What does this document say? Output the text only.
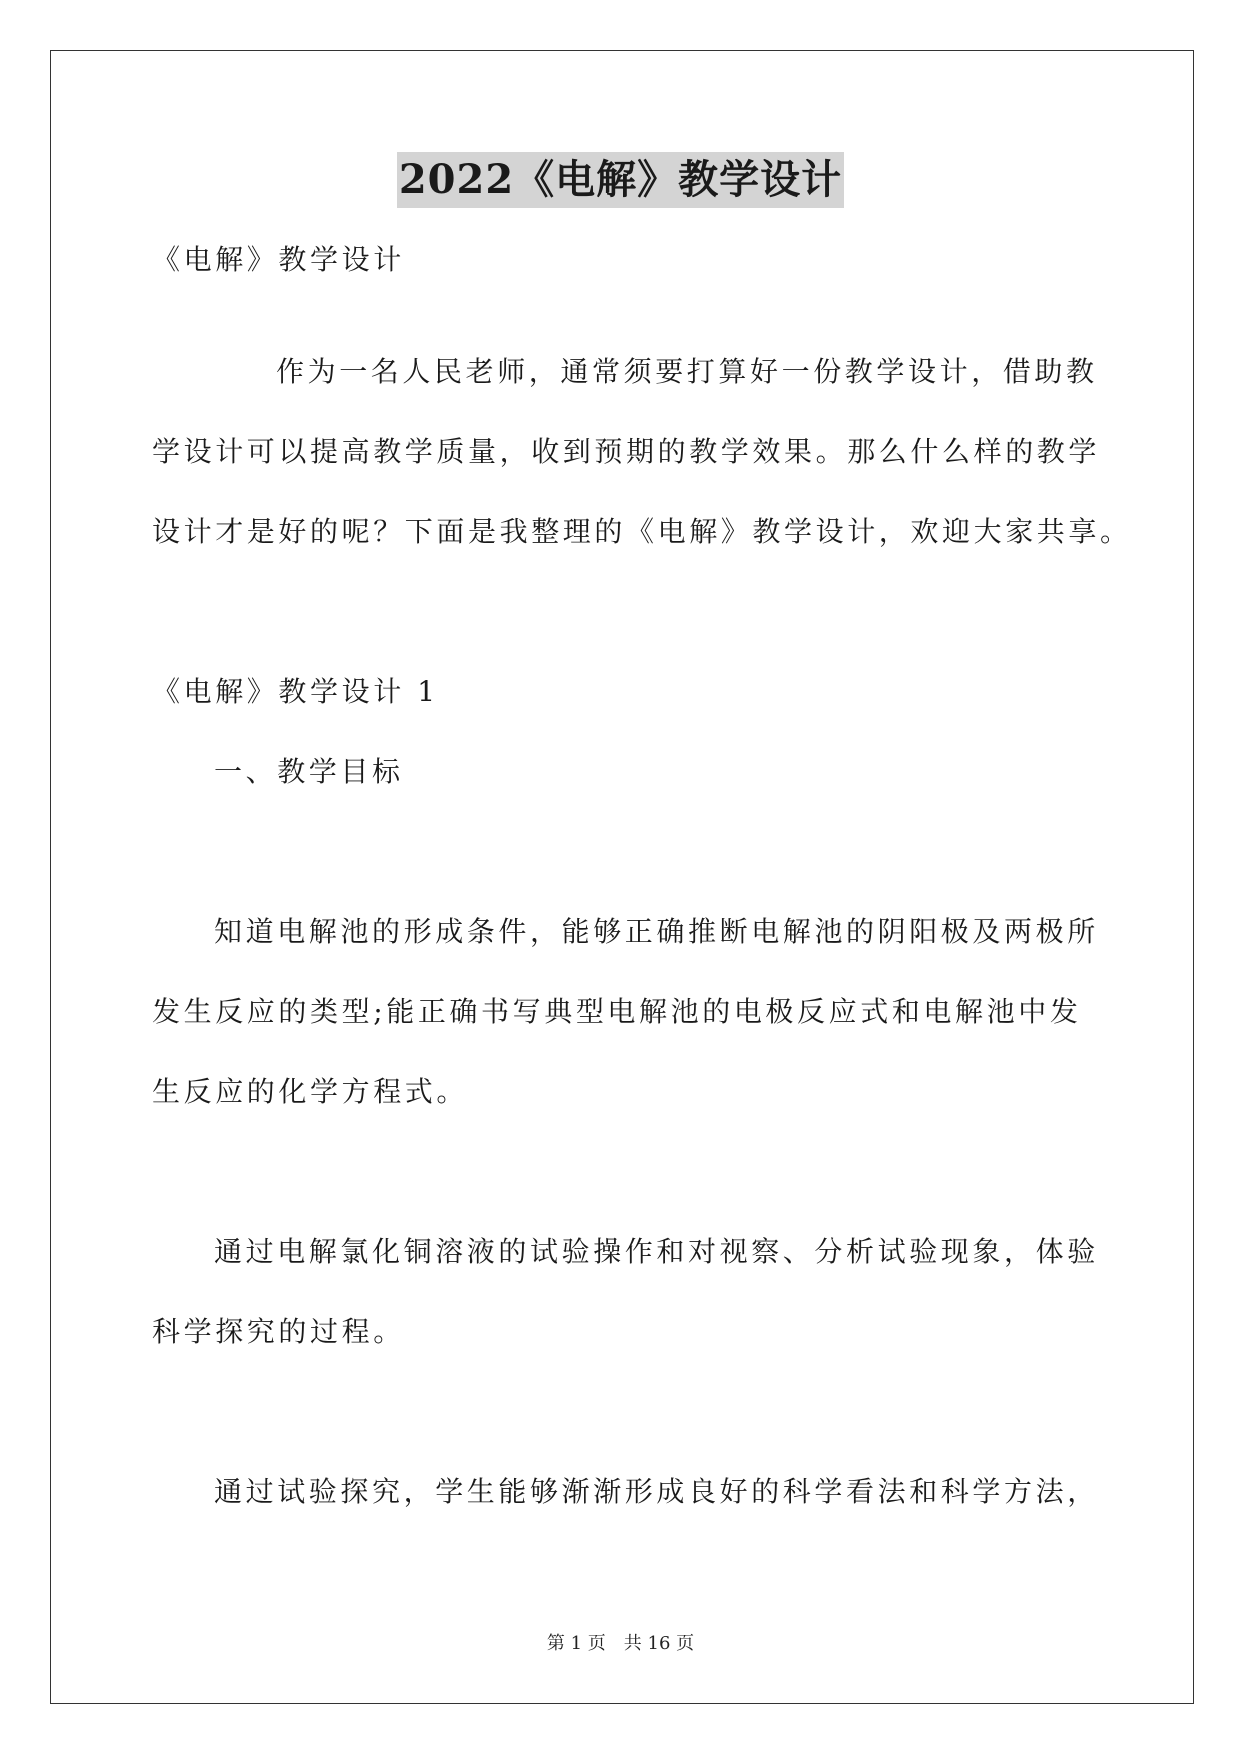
2022《电解》教学设计
《电解》教学设计
作为一名人民老师，通常须要打算好一份教学设计，借助教
学设计可以提高教学质量，收到预期的教学效果。那么什么样的教学
设计才是好的呢？下面是我整理的《电解》教学设计，欢迎大家共享。
《电解》教学设计 1
一、教学目标
知道电解池的形成条件，能够正确推断电解池的阴阳极及两极所
发生反应的类型;能正确书写典型电解池的电极反应式和电解池中发
生反应的化学方程式。
通过电解氯化铜溶液的试验操作和对视察、分析试验现象，体验
科学探究的过程。
通过试验探究，学生能够渐渐形成良好的科学看法和科学方法，
第 1 页　共 16 页
